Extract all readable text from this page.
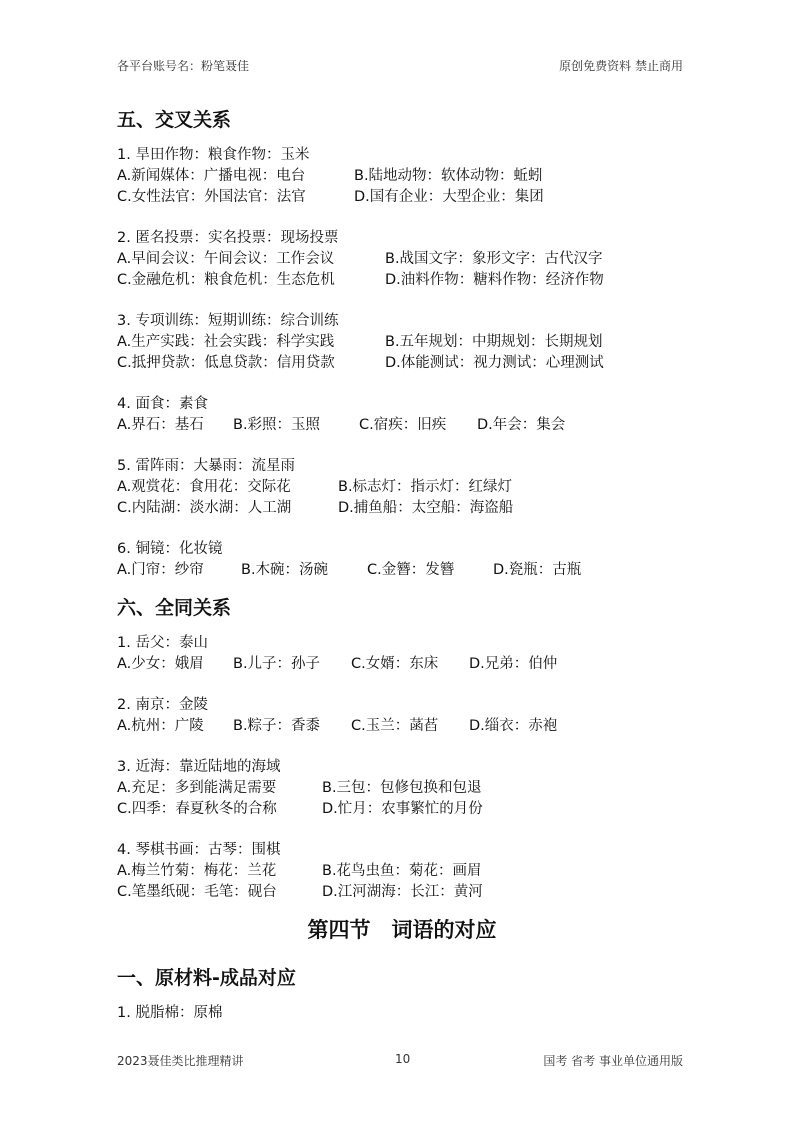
各平台账号名：粉笔聂佳	原创免费资料 禁止商用
五、交叉关系
1. 旱田作物：粮食作物：玉米
A.新闻媒体：广播电视：电台	B.陆地动物：软体动物：蚯蚓
C.女性法官：外国法官：法官	D.国有企业：大型企业：集团
2. 匿名投票：实名投票：现场投票
A.早间会议：午间会议：工作会议	B.战国文字：象形文字：古代汉字
C.金融危机：粮食危机：生态危机	D.油料作物：糖料作物：经济作物
3. 专项训练：短期训练：综合训练
A.生产实践：社会实践：科学实践	B.五年规划：中期规划：长期规划
C.抵押贷款：低息贷款：信用贷款	D.体能测试：视力测试：心理测试
4. 面食：素食
A.界石：基石 B.彩照：玉照	C.宿疾：旧疾 D.年会：集会
5. 雷阵雨：大暴雨：流星雨
A.观赏花：食用花：交际花	B.标志灯：指示灯：红绿灯
C.内陆湖：淡水湖：人工湖	D.捕鱼船：太空船：海盗船
6. 铜镜：化妆镜
A.门帘：纱帘	B.木碗：汤碗	C.金簪：发簪	D.瓷瓶：古瓶
六、全同关系
1. 岳父：泰山
A.少女：娥眉 B.儿子：孙子 C.女婿：东床 D.兄弟：伯仲
2. 南京：金陵
A.杭州：广陵 B.粽子：香黍 C.玉兰：菡萏 D.缁衣：赤袍
3. 近海：靠近陆地的海域
A.充足：多到能满足需要	B.三包：包修包换和包退
C.四季：春夏秋冬的合称	D.忙月：农事繁忙的月份
4. 琴棋书画：古琴：围棋
A.梅兰竹菊：梅花：兰花	B.花鸟虫鱼：菊花：画眉
C.笔墨纸砚：毛笔：砚台	D.江河湖海：长江：黄河
第四节　词语的对应
一、原材料-成品对应
1. 脱脂棉：原棉
2023聂佳类比推理精讲	10	国考 省考 事业单位通用版
